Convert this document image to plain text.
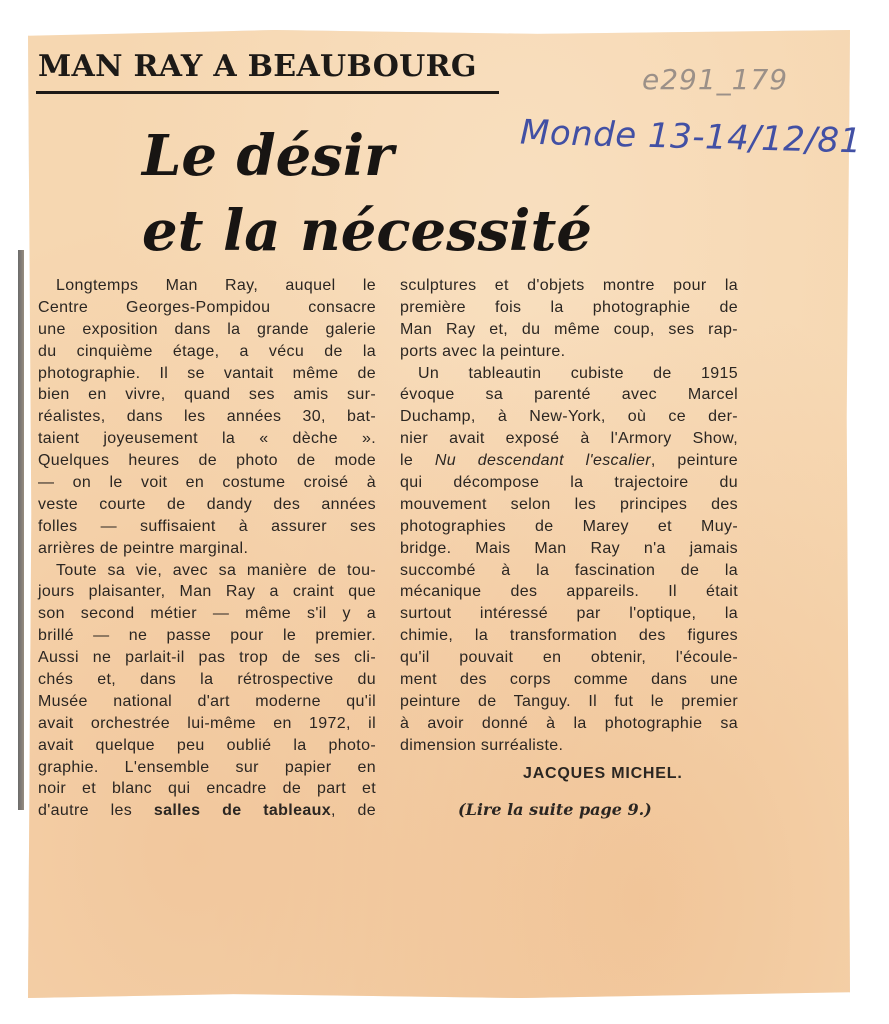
MAN RAY A BEAUBOURG
Le désir
et la nécessité
e291_179
Monde 13-14/12/81
Longtemps Man Ray, auquel le
Centre Georges-Pompidou consacre
une exposition dans la grande galerie
du cinquième étage, a vécu de la
photographie. Il se vantait même de
bien en vivre, quand ses amis sur-
réalistes, dans les années 30, bat-
taient joyeusement la « dèche ».
Quelques heures de photo de mode
— on le voit en costume croisé à
veste courte de dandy des années
folles — suffisaient à assurer ses
arrières de peintre marginal.
Toute sa vie, avec sa manière de tou-
jours plaisanter, Man Ray a craint que
son second métier — même s'il y a
brillé — ne passe pour le premier.
Aussi ne parlait-il pas trop de ses cli-
chés et, dans la rétrospective du
Musée national d'art moderne qu'il
avait orchestrée lui-même en 1972, il
avait quelque peu oublié la photo-
graphie. L'ensemble sur papier en
noir et blanc qui encadre de part et
d'autre les salles de tableaux, de
sculptures et d'objets montre pour la
première fois la photographie de
Man Ray et, du même coup, ses rap-
ports avec la peinture.
Un tableautin cubiste de 1915
évoque sa parenté avec Marcel
Duchamp, à New-York, où ce der-
nier avait exposé à l'Armory Show,
le Nu descendant l'escalier, peinture
qui décompose la trajectoire du
mouvement selon les principes des
photographies de Marey et Muy-
bridge. Mais Man Ray n'a jamais
succombé à la fascination de la
mécanique des appareils. Il était
surtout intéressé par l'optique, la
chimie, la transformation des figures
qu'il pouvait en obtenir, l'écoule-
ment des corps comme dans une
peinture de Tanguy. Il fut le premier
à avoir donné à la photographie sa
dimension surréaliste.
JACQUES MICHEL.
(Lire la suite page 9.)
